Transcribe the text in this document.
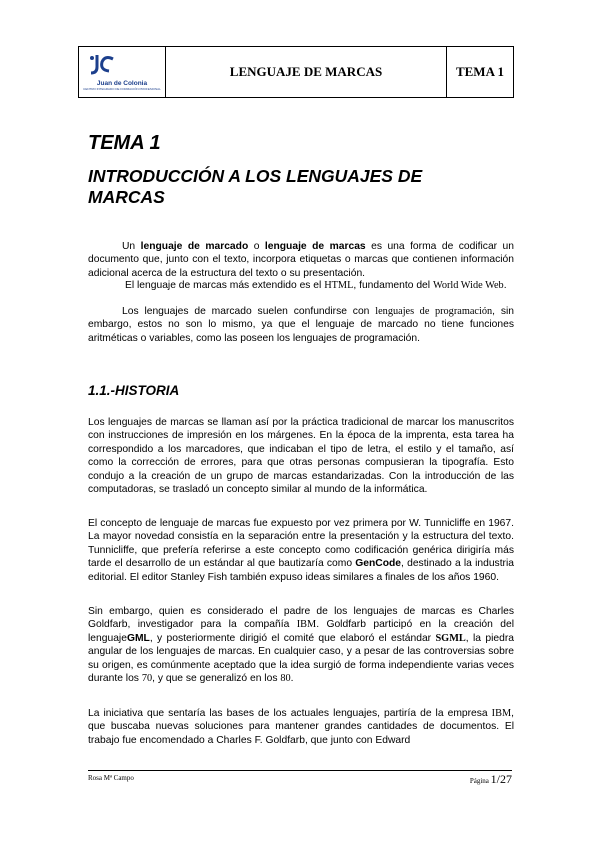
Juan de Colonia
CENTRO INTEGRADO DE FORMACIÓN PROFESIONAL
LENGUAJE DE MARCAS	TEMA 1
TEMA 1
INTRODUCCIÓN A LOS LENGUAJES DE MARCAS

Un lenguaje de marcado o lenguaje de marcas es una forma de codificar un documento que, junto con el texto, incorpora etiquetas o marcas que contienen información adicional acerca de la estructura del texto o su presentación.

El lenguaje de marcas más extendido es el HTML, fundamento del World Wide Web.

Los lenguajes de marcado suelen confundirse con lenguajes de programación, sin embargo, estos no son lo mismo, ya que el lenguaje de marcado no tiene funciones aritméticas o variables, como las poseen los lenguajes de programación.

1.1.-HISTORIA

Los lenguajes de marcas se llaman así por la práctica tradicional de marcar los manuscritos con instrucciones de impresión en los márgenes. En la época de la imprenta, esta tarea ha correspondido a los marcadores, que indicaban el tipo de letra, el estilo y el tamaño, así como la corrección de errores, para que otras personas compusieran la tipografía. Esto condujo a la creación de un grupo de marcas estandarizadas. Con la introducción de las computadoras, se trasladó un concepto similar al mundo de la informática.

El concepto de lenguaje de marcas fue expuesto por vez primera por W. Tunnicliffe en 1967. La mayor novedad consistía en la separación entre la presentación y la estructura del texto. Tunnicliffe, que prefería referirse a este concepto como codificación genérica dirigiría más tarde el desarrollo de un estándar al que bautizaría como GenCode, destinado a la industria editorial. El editor Stanley Fish también expuso ideas similares a finales de los años 1960.

Sin embargo, quien es considerado el padre de los lenguajes de marcas es Charles Goldfarb, investigador para la compañía IBM. Goldfarb participó en la creación del lenguajeGML, y posteriormente dirigió el comité que elaboró el estándar SGML, la piedra angular de los lenguajes de marcas. En cualquier caso, y a pesar de las controversias sobre su origen, es comúnmente aceptado que la idea surgió de forma independiente varias veces durante los 70, y que se generalizó en los 80.

La iniciativa que sentaría las bases de los actuales lenguajes, partiría de la empresa IBM, que buscaba nuevas soluciones para mantener grandes cantidades de documentos. El trabajo fue encomendado a Charles F. Goldfarb, que junto con Edward

Rosa Mª Campo	Página 1/27
